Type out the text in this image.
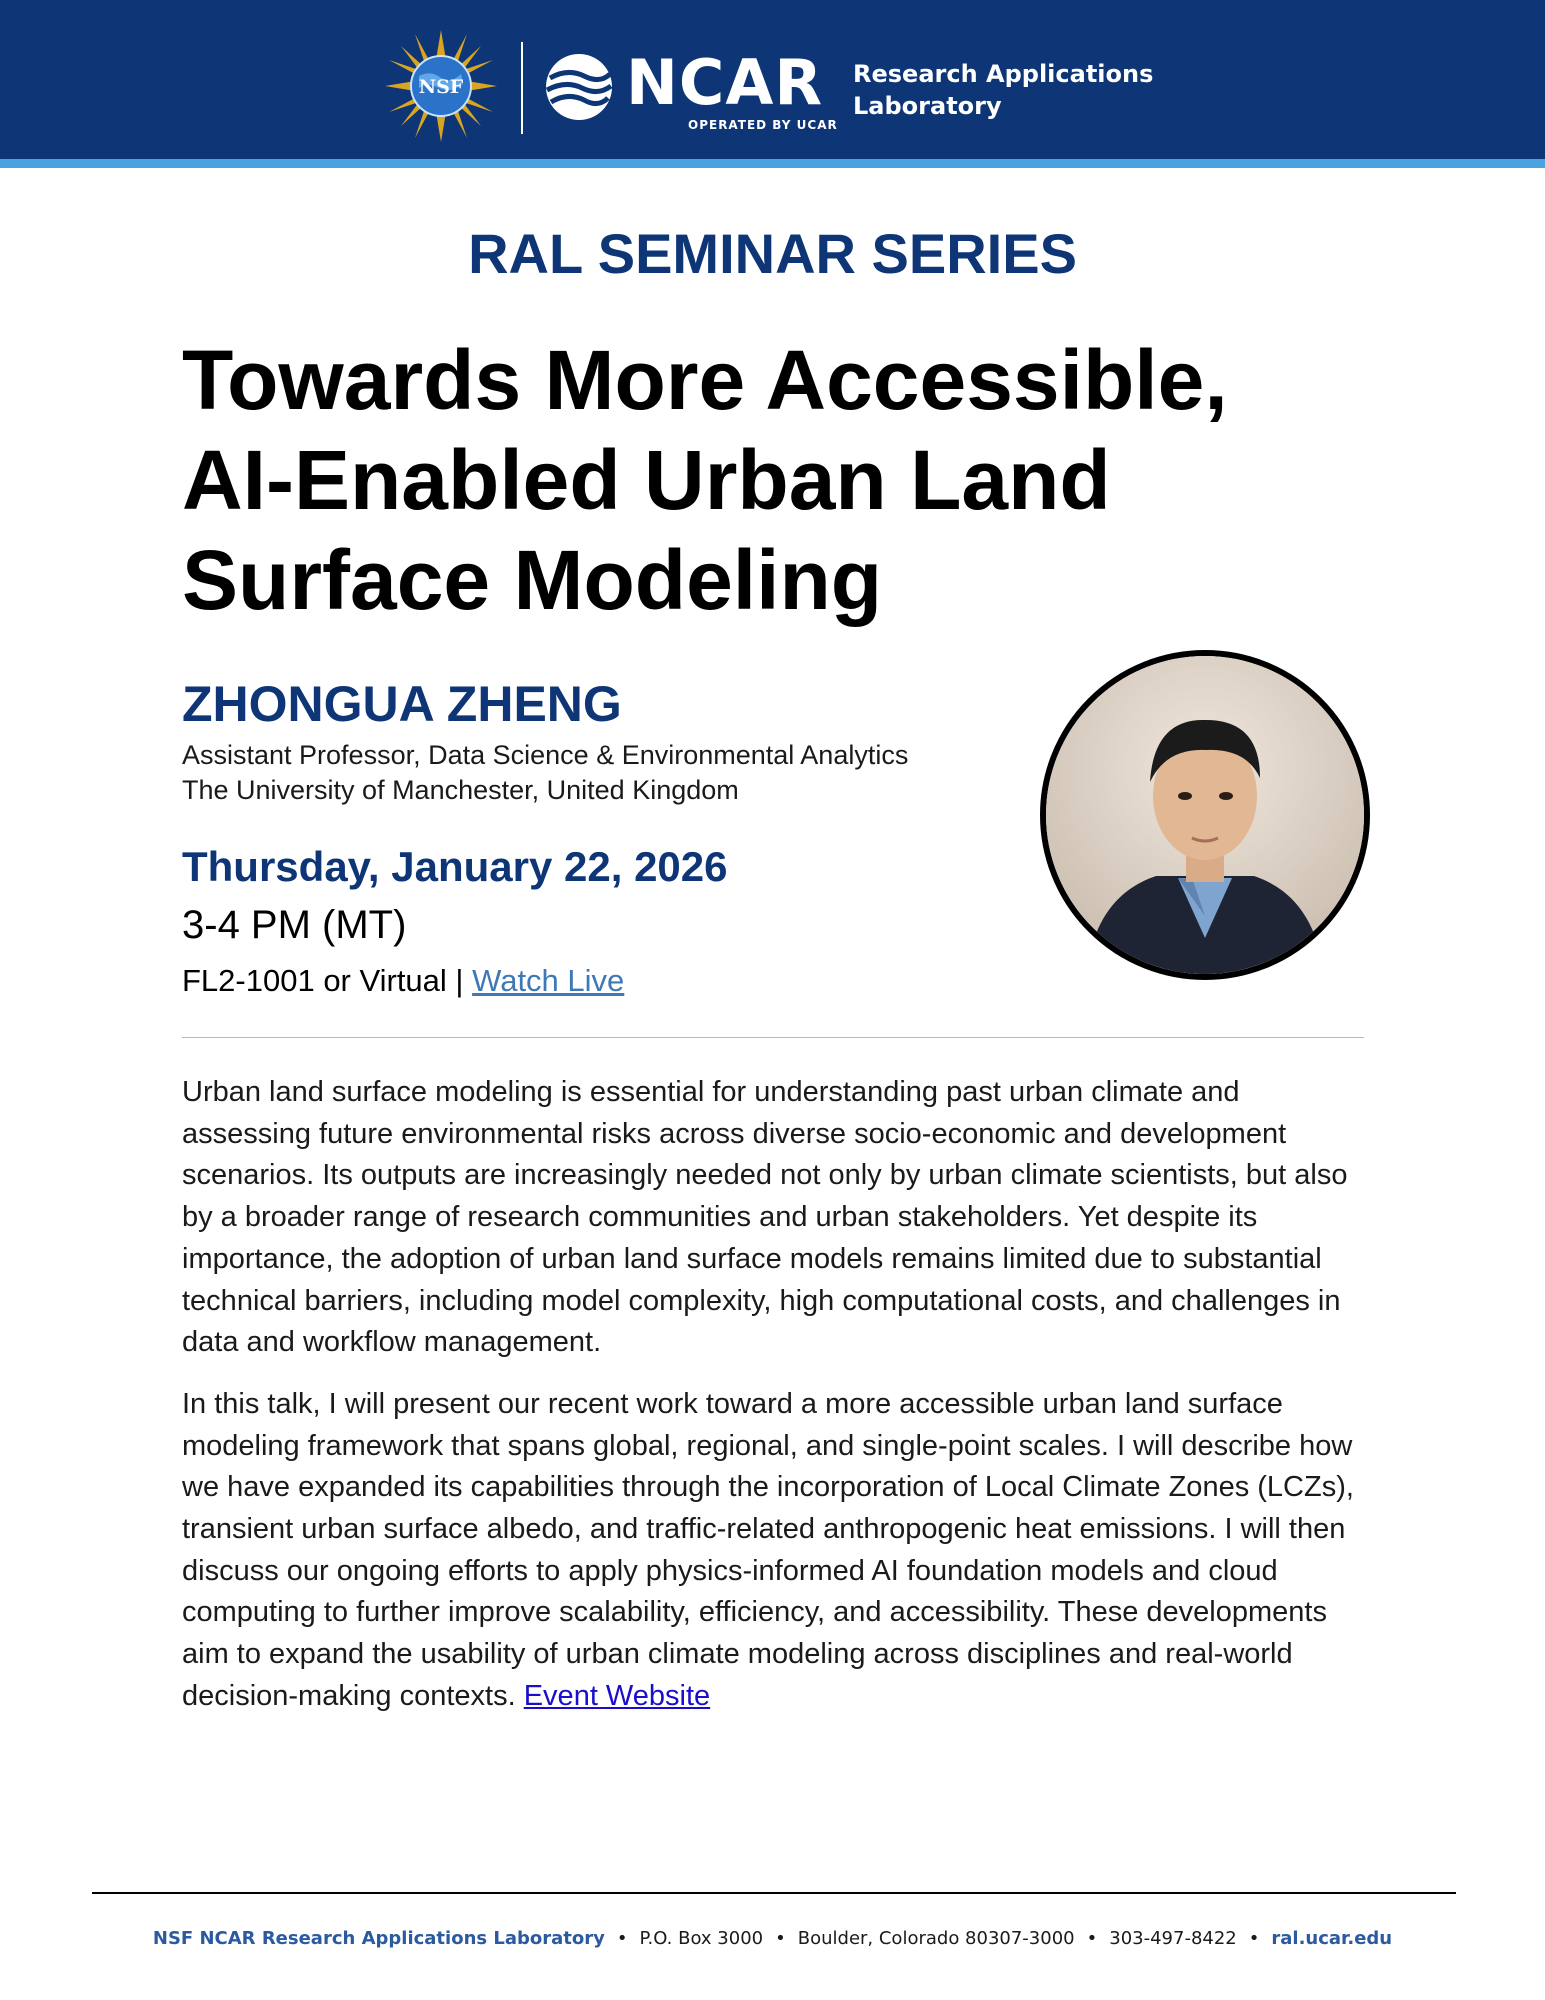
NSF	NCAR
OPERATED BY UCAR
Research Applications
Laboratory
RAL SEMINAR SERIES
Towards More Accessible,
AI-Enabled Urban Land
Surface Modeling
ZHONGUA ZHENG
Assistant Professor, Data Science & Environmental Analytics
The University of Manchester, United Kingdom
Thursday, January 22, 2026
3-4 PM (MT)
FL2-1001 or Virtual | Watch Live

Urban land surface modeling is essential for understanding past urban climate and assessing future environmental risks across diverse socio-economic and development scenarios. Its outputs are increasingly needed not only by urban climate scientists, but also by a broader range of research communities and urban stakeholders. Yet despite its importance, the adoption of urban land surface models remains limited due to substantial technical barriers, including model complexity, high computational costs, and challenges in data and workflow management.

In this talk, I will present our recent work toward a more accessible urban land surface modeling framework that spans global, regional, and single-point scales. I will describe how we have expanded its capabilities through the incorporation of Local Climate Zones (LCZs), transient urban surface albedo, and traffic-related anthropogenic heat emissions. I will then discuss our ongoing efforts to apply physics-informed AI foundation models and cloud computing to further improve scalability, efficiency, and accessibility. These developments aim to expand the usability of urban climate modeling across disciplines and real-world decision-making contexts. Event Website

NSF NCAR Research Applications Laboratory • P.O. Box 3000 • Boulder, Colorado 80307-3000 • 303-497-8422 • ral.ucar.edu
